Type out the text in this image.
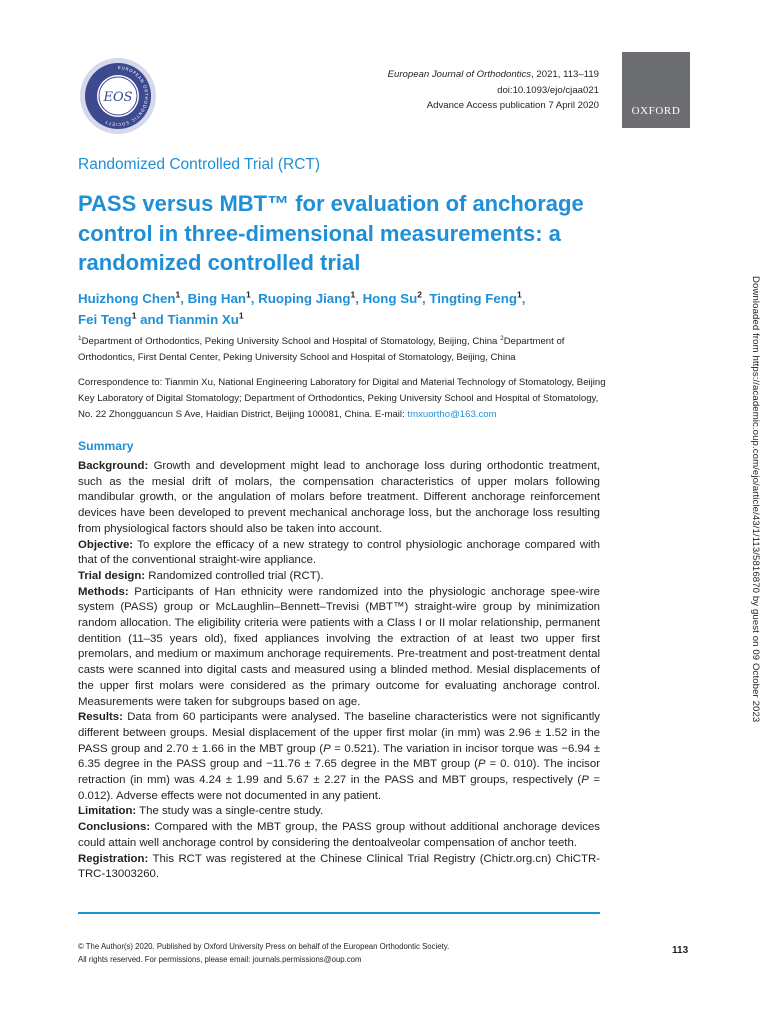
EUROPEAN ORTHODONTIC SOCIETY
EOS
European Journal of Orthodontics, 2021, 113–119
doi:10.1093/ejo/cjaa021
Advance Access publication 7 April 2020	OXFORD
Randomized Controlled Trial (RCT)
PASS versus MBT™ for evaluation of anchorage control in three-dimensional measurements: a randomized controlled trial
Huizhong Chen$^1$, Bing Han$^1$, Ruoping Jiang$^1$, Hong Su$^2$, Tingting Feng$^1$,
Fei Teng$^1$ and Tianmin Xu$^1$
$^1$Department of Orthodontics, Peking University School and Hospital of Stomatology, Beijing, China $^2$Department of Orthodontics, First Dental Center, Peking University School and Hospital of Stomatology, Beijing, China
Correspondence to: Tianmin Xu, National Engineering Laboratory for Digital and Material Technology of Stomatology, Beijing Key Laboratory of Digital Stomatology; Department of Orthodontics, Peking University School and Hospital of Stomatology, No. 22 Zhongguancun S Ave, Haidian District, Beijing 100081, China. E-mail: tmxuortho@163.com
Summary

Background: Growth and development might lead to anchorage loss during orthodontic treatment, such as the mesial drift of molars, the compensation characteristics of upper molars following mandibular growth, or the angulation of molars before treatment. Different anchorage reinforcement devices have been developed to prevent mechanical anchorage loss, but the anchorage loss resulting from physiological factors should also be taken into account.

Objective: To explore the efficacy of a new strategy to control physiologic anchorage compared with that of the conventional straight-wire appliance.

Trial design: Randomized controlled trial (RCT).

Methods: Participants of Han ethnicity were randomized into the physiologic anchorage spee-wire system (PASS) group or McLaughlin–Bennett–Trevisi (MBT™) straight-wire group by minimization random allocation. The eligibility criteria were patients with a Class I or II molar relationship, permanent dentition (11–35 years old), fixed appliances involving the extraction of at least two upper first premolars, and medium or maximum anchorage requirements. Pre-treatment and post-treatment dental casts were scanned into digital casts and measured using a blinded method. Mesial displacements of the upper first molars were considered as the primary outcome for evaluating anchorage control. Measurements were taken for subgroups based on age.

Results: Data from 60 participants were analysed. The baseline characteristics were not significantly different between groups. Mesial displacement of the upper first molar (in mm) was 2.96 ± 1.52 in the PASS group and 2.70 ± 1.66 in the MBT group (P = 0.521). The variation in incisor torque was −6.94 ± 6.35 degree in the PASS group and −11.76 ± 7.65 degree in the MBT group (P = 0. 010). The incisor retraction (in mm) was 4.24 ± 1.99 and 5.67 ± 2.27 in the PASS and MBT groups, respectively (P = 0.012). Adverse effects were not documented in any patient.

Limitation: The study was a single-centre study.

Conclusions: Compared with the MBT group, the PASS group without additional anchorage devices could attain well anchorage control by considering the dentoalveolar compensation of anchor teeth.

Registration: This RCT was registered at the Chinese Clinical Trial Registry (Chictr.org.cn) ChiCTR-TRC-13003260.

© The Author(s) 2020. Published by Oxford University Press on behalf of the European Orthodontic Society.
All rights reserved. For permissions, please email: journals.permissions@oup.com
113
Downloaded from https://academic.oup.com/ejo/article/43/1/113/5816870 by guest on 09 October 2023
